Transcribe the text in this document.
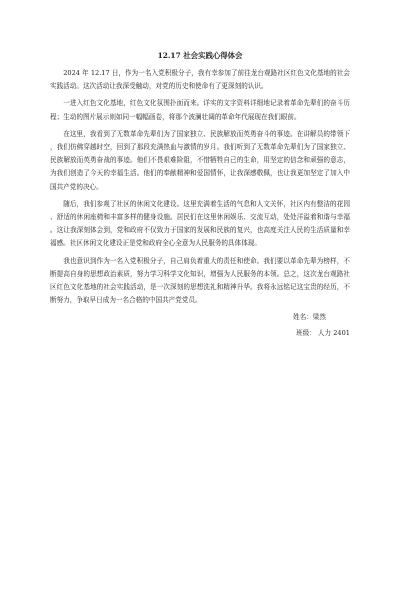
12.17 社会实践心得体会

2024 年 12.17 日，作为一名入党积极分子，我有幸参加了前往龙台观路社区红色文化基地的社会实践活动。这次活动让我深受触动，对党的历史和使命有了更深刻的认识。

一进入红色文化基地，红色文化氛围扑面而来。详实的文字资料详细地记录着革命先辈们的奋斗历程；生动的图片展示则如同一幅幅画卷，将那个波澜壮阔的革命年代展现在我们眼前。

在这里，我看到了无数革命先辈们为了国家独立、民族解放而英勇奋斗的事迹。在讲解员的带领下，我们仿佛穿越时空，回到了那段充满热血与激情的岁月。我们听到了无数革命先辈们为了国家独立、民族解放而英勇奋战的事迹。他们不畏艰难险阻，不惜牺牲自己的生命，用坚定的信念和顽强的意志，为我们创造了今天的幸福生活。他们的奉献精神和爱国情怀，让我深感敬佩，也让我更加坚定了加入中国共产党的决心。

随后，我们参观了社区的休闲文化建设。这里充满着生活的气息和人文关怀，社区内有整洁的花园、舒适的休闲座椅和丰富多样的健身设施。居民们在这里休闲娱乐、交流互动，处处洋溢着和谐与幸福。这让我深刻体会到，党和政府不仅致力于国家的发展和民族的复兴，也高度关注人民的生活质量和幸福感。社区休闲文化建设正是党和政府全心全意为人民服务的具体体现。

我也意识到作为一名入党积极分子，自己肩负着重大的责任和使命。我们要以革命先辈为榜样，不断提高自身的思想政治素质，努力学习科学文化知识，增强为人民服务的本领。总之，这次龙台观路社区红色文化基地的社会实践活动，是一次深刻的思想洗礼和精神升华。我将永远铭记这宝贵的经历，不断努力，争取早日成为一名合格的中国共产党党员。

姓名：梁然
班级： 人力 2401
